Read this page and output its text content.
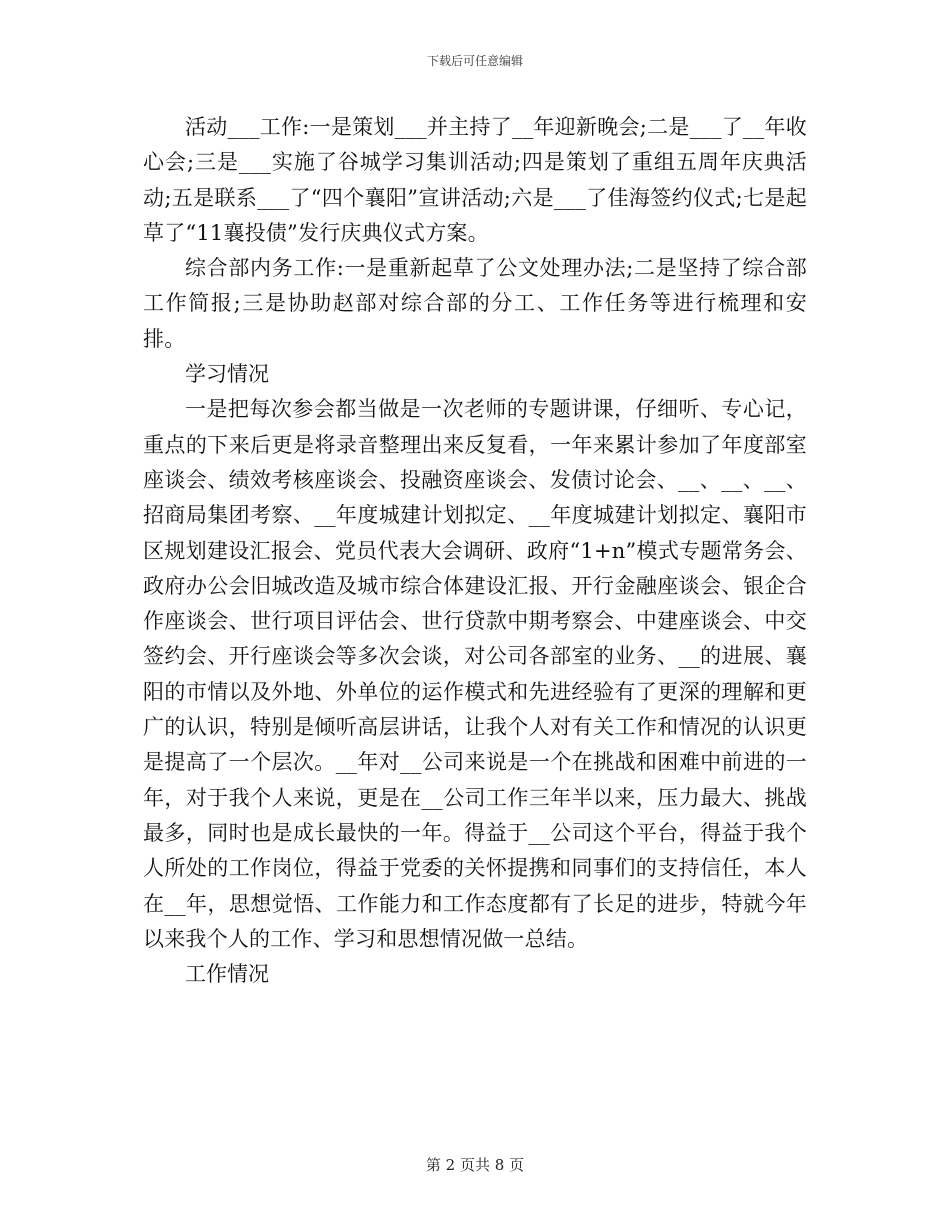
下载后可任意编辑

活动___工作:一是策划___并主持了__年迎新晚会;二是___了__年收心会;三是___实施了谷城学习集训活动;四是策划了重组五周年庆典活动;五是联系___了“四个襄阳”宣讲活动;六是___了佳海签约仪式;七是起草了“11襄投债”发行庆典仪式方案。

综合部内务工作:一是重新起草了公文处理办法;二是坚持了综合部工作简报;三是协助赵部对综合部的分工、工作任务等进行梳理和安排。

学习情况

一是把每次参会都当做是一次老师的专题讲课，仔细听、专心记，重点的下来后更是将录音整理出来反复看，一年来累计参加了年度部室座谈会、绩效考核座谈会、投融资座谈会、发债讨论会、__、__、__、招商局集团考察、__年度城建计划拟定、__年度城建计划拟定、襄阳市区规划建设汇报会、党员代表大会调研、政府“1+n”模式专题常务会、政府办公会旧城改造及城市综合体建设汇报、开行金融座谈会、银企合作座谈会、世行项目评估会、世行贷款中期考察会、中建座谈会、中交签约会、开行座谈会等多次会谈，对公司各部室的业务、__的进展、襄阳的市情以及外地、外单位的运作模式和先进经验有了更深的理解和更广的认识，特别是倾听高层讲话，让我个人对有关工作和情况的认识更是提高了一个层次。__年对__公司来说是一个在挑战和困难中前进的一年，对于我个人来说，更是在__公司工作三年半以来，压力最大、挑战最多，同时也是成长最快的一年。得益于__公司这个平台，得益于我个人所处的工作岗位，得益于党委的关怀提携和同事们的支持信任，本人在__年，思想觉悟、工作能力和工作态度都有了长足的进步，特就今年以来我个人的工作、学习和思想情况做一总结。

工作情况

第 2 页共 8 页
